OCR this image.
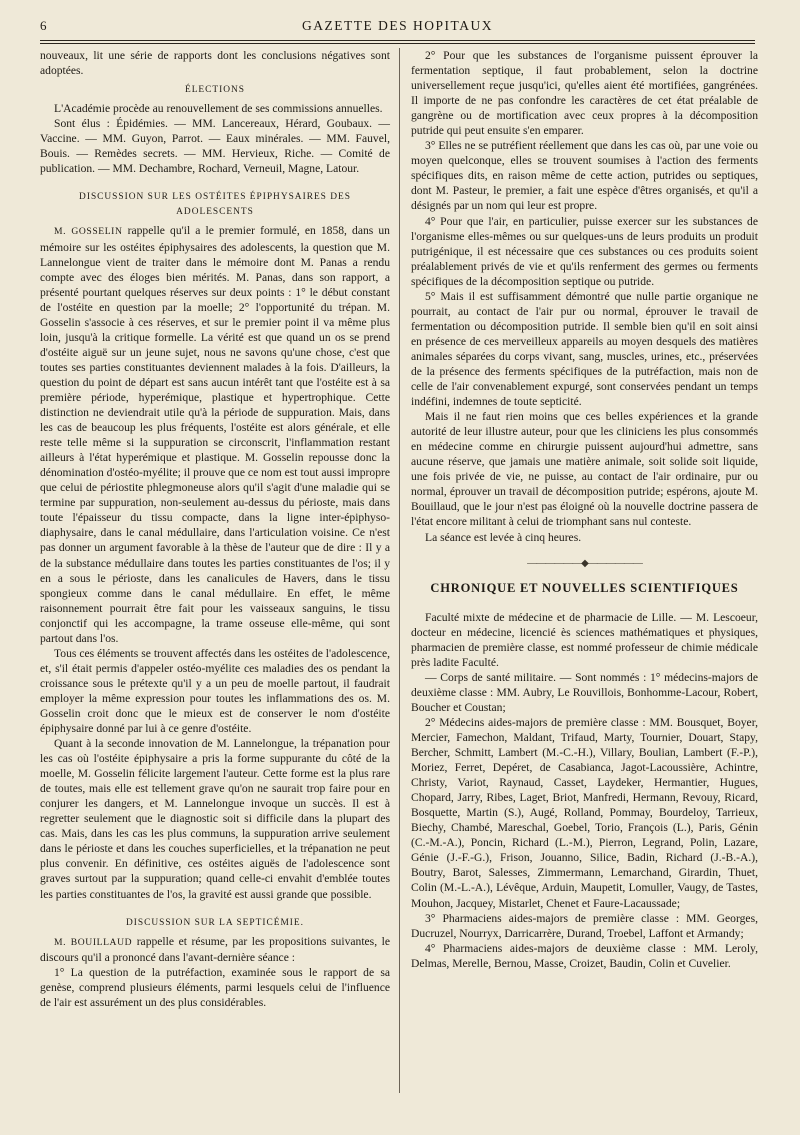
6	GAZETTE DES HOPITAUX

nouveaux, lit une série de rapports dont les conclusions négatives sont adoptées.

ÉLECTIONS

L'Académie procède au renouvellement de ses commissions annuelles.

Sont élus : Épidémies. — MM. Lancereaux, Hérard, Goubaux. — Vaccine. — MM. Guyon, Parrot. — Eaux minérales. — MM. Fauvel, Bouis. — Remèdes secrets. — MM. Hervieux, Riche. — Comité de publication. — MM. Dechambre, Rochard, Verneuil, Magne, Latour.

DISCUSSION SUR LES OSTÉITES ÉPIPHYSAIRES DES ADOLESCENTS

M. GOSSELIN rappelle qu'il a le premier formulé, en 1858, dans un mémoire sur les ostéites épiphysaires des adolescents, la question que M. Lannelongue vient de traiter dans le mémoire dont M. Panas a rendu compte avec des éloges bien mérités. M. Panas, dans son rapport, a présenté pourtant quelques réserves sur deux points : 1° le début constant de l'ostéite en question par la moelle; 2° l'opportunité du trépan. M. Gosselin s'associe à ces réserves, et sur le premier point il va même plus loin, jusqu'à la critique formelle. La vérité est que quand un os se prend d'ostéite aiguë sur un jeune sujet, nous ne savons qu'une chose, c'est que toutes ses parties constituantes deviennent malades à la fois. D'ailleurs, la question du point de départ est sans aucun intérêt tant que l'ostéite est à sa première période, hyperémique, plastique et hypertrophique. Cette distinction ne deviendrait utile qu'à la période de suppuration. Mais, dans les cas de beaucoup les plus fréquents, l'ostéite est alors générale, et elle reste telle même si la suppuration se circonscrit, l'inflammation restant ailleurs à l'état hyperémique et plastique. M. Gosselin repousse donc la dénomination d'ostéo-myélite; il prouve que ce nom est tout aussi impropre que celui de périostite phlegmoneuse alors qu'il s'agit d'une maladie qui se termine par suppuration, non-seulement au-dessus du périoste, mais dans toute l'épaisseur du tissu compacte, dans la ligne inter-épiphyso-diaphysaire, dans le canal médullaire, dans l'articulation voisine. Ce n'est pas donner un argument favorable à la thèse de l'auteur que de dire : Il y a de la substance médullaire dans toutes les parties constituantes de l'os; il y en a sous le périoste, dans les canalicules de Havers, dans le tissu spongieux comme dans le canal médullaire. En effet, le même raisonnement pourrait être fait pour les vaisseaux sanguins, le tissu conjonctif qui les accompagne, la trame osseuse elle-même, qui sont partout dans l'os.

Tous ces éléments se trouvent affectés dans les ostéites de l'adolescence, et, s'il était permis d'appeler ostéo-myélite ces maladies des os pendant la croissance sous le prétexte qu'il y a un peu de moelle partout, il faudrait employer la même expression pour toutes les inflammations des os. M. Gosselin croit donc que le mieux est de conserver le nom d'ostéite épiphysaire donné par lui à ce genre d'ostéite.

Quant à la seconde innovation de M. Lannelongue, la trépanation pour les cas où l'ostéite épiphysaire a pris la forme suppurante du côté de la moelle, M. Gosselin félicite largement l'auteur. Cette forme est la plus rare de toutes, mais elle est tellement grave qu'on ne saurait trop faire pour en conjurer les dangers, et M. Lannelongue invoque un succès. Il est à regretter seulement que le diagnostic soit si difficile dans la plupart des cas. Mais, dans les cas les plus communs, la suppuration arrive seulement dans le périoste et dans les couches superficielles, et la trépanation ne peut plus convenir. En définitive, ces ostéites aiguës de l'adolescence sont graves surtout par la suppuration; quand celle-ci envahit d'emblée toutes les parties constituantes de l'os, la gravité est aussi grande que possible.

DISCUSSION SUR LA SEPTICÉMIE.

M. BOUILLAUD rappelle et résume, par les propositions suivantes, le discours qu'il a prononcé dans l'avant-dernière séance :

1° La question de la putréfaction, examinée sous le rapport de sa genèse, comprend plusieurs éléments, parmi lesquels celui de l'influence de l'air est assurément un des plus considérables.

2° Pour que les substances de l'organisme puissent éprouver la fermentation septique, il faut probablement, selon la doctrine universellement reçue jusqu'ici, qu'elles aient été mortifiées, gangrénées. Il importe de ne pas confondre les caractères de cet état préalable de gangrène ou de mortification avec ceux propres à la décomposition putride qui peut ensuite s'en emparer.

3° Elles ne se putréfient réellement que dans les cas où, par une voie ou moyen quelconque, elles se trouvent soumises à l'action des ferments spécifiques dits, en raison même de cette action, putrides ou septiques, dont M. Pasteur, le premier, a fait une espèce d'êtres organisés, et qu'il a désignés par un nom qui leur est propre.

4° Pour que l'air, en particulier, puisse exercer sur les substances de l'organisme elles-mêmes ou sur quelques-uns de leurs produits un produit putrigénique, il est nécessaire que ces substances ou ces produits soient préalablement privés de vie et qu'ils renferment des germes ou ferments spécifiques de la décomposition septique ou putride.

5° Mais il est suffisamment démontré que nulle partie organique ne pourrait, au contact de l'air pur ou normal, éprouver le travail de fermentation ou décomposition putride. Il semble bien qu'il en soit ainsi en présence de ces merveilleux appareils au moyen desquels des matières animales séparées du corps vivant, sang, muscles, urines, etc., préservées de la présence des ferments spécifiques de la putréfaction, mais non de celle de l'air convenablement expurgé, sont conservées pendant un temps indéfini, indemnes de toute septicité.

Mais il ne faut rien moins que ces belles expériences et la grande autorité de leur illustre auteur, pour que les cliniciens les plus consommés en médecine comme en chirurgie puissent aujourd'hui admettre, sans aucune réserve, que jamais une matière animale, soit solide soit liquide, une fois privée de vie, ne puisse, au contact de l'air ordinaire, pur ou normal, éprouver un travail de décomposition putride; espérons, ajoute M. Bouillaud, que le jour n'est pas éloigné où la nouvelle doctrine passera de l'état encore militant à celui de triomphant sans nul conteste.

La séance est levée à cinq heures.

——————◆——————
CHRONIQUE ET NOUVELLES SCIENTIFIQUES

Faculté mixte de médecine et de pharmacie de Lille. — M. Lescoeur, docteur en médecine, licencié ès sciences mathématiques et physiques, pharmacien de première classe, est nommé professeur de chimie médicale près ladite Faculté.

— Corps de santé militaire. — Sont nommés : 1° médecins-majors de deuxième classe : MM. Aubry, Le Rouvillois, Bonhomme-Lacour, Robert, Boucher et Coustan;

2° Médecins aides-majors de première classe : MM. Bousquet, Boyer, Mercier, Famechon, Maldant, Trifaud, Marty, Tournier, Douart, Stapy, Bercher, Schmitt, Lambert (M.-C.-H.), Villary, Boulian, Lambert (F.-P.), Moriez, Ferret, Depéret, de Casabianca, Jagot-Lacoussière, Achintre, Christy, Variot, Raynaud, Casset, Laydeker, Hermantier, Hugues, Chopard, Jarry, Ribes, Laget, Briot, Manfredi, Hermann, Revouy, Ricard, Bosquette, Martin (S.), Augé, Rolland, Pommay, Bourdeloy, Tarrieux, Biechy, Chambé, Mareschal, Goebel, Torio, François (L.), Paris, Génin (C.-M.-A.), Poncin, Richard (L.-M.), Pierron, Legrand, Polin, Lazare, Génie (J.-F.-G.), Frison, Jouanno, Silice, Badin, Richard (J.-B.-A.), Boutry, Barot, Salesses, Zimmermann, Lemarchand, Girardin, Thuet, Colin (M.-L.-A.), Lévêque, Arduin, Maupetit, Lomuller, Vaugy, de Tastes, Mouhon, Jacquey, Mistarlet, Chenet et Faure-Lacaussade;

3° Pharmaciens aides-majors de première classe : MM. Georges, Ducruzel, Nourryx, Darricarrère, Durand, Troebel, Laffont et Armandy;

4° Pharmaciens aides-majors de deuxième classe : MM. Leroly, Delmas, Merelle, Bernou, Masse, Croizet, Baudin, Colin et Cuvelier.
